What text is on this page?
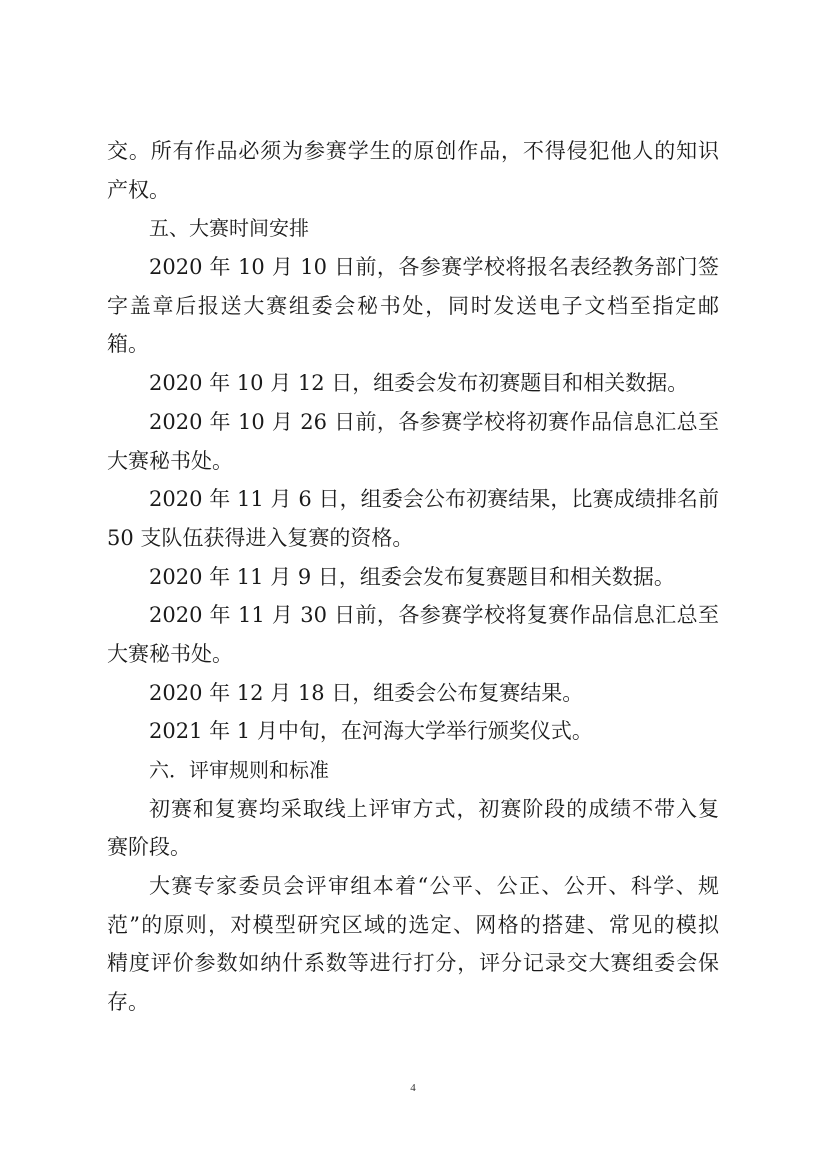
交。所有作品必须为参赛学生的原创作品，不得侵犯他人的知识
产权。
五、大赛时间安排
2020 年 10 月 10 日前，各参赛学校将报名表经教务部门签
字盖章后报送大赛组委会秘书处，同时发送电子文档至指定邮
箱。
2020 年 10 月 12 日，组委会发布初赛题目和相关数据。
2020 年 10 月 26 日前，各参赛学校将初赛作品信息汇总至
大赛秘书处。
2020 年 11 月 6 日，组委会公布初赛结果，比赛成绩排名前
50 支队伍获得进入复赛的资格。
2020 年 11 月 9 日，组委会发布复赛题目和相关数据。
2020 年 11 月 30 日前，各参赛学校将复赛作品信息汇总至
大赛秘书处。
2020 年 12 月 18 日，组委会公布复赛结果。
2021 年 1 月中旬，在河海大学举行颁奖仪式。
六．评审规则和标准
初赛和复赛均采取线上评审方式，初赛阶段的成绩不带入复
赛阶段。
大赛专家委员会评审组本着“公平、公正、公开、科学、规
范”的原则，对模型研究区域的选定、网格的搭建、常见的模拟
精度评价参数如纳什系数等进行打分，评分记录交大赛组委会保
存。
4
